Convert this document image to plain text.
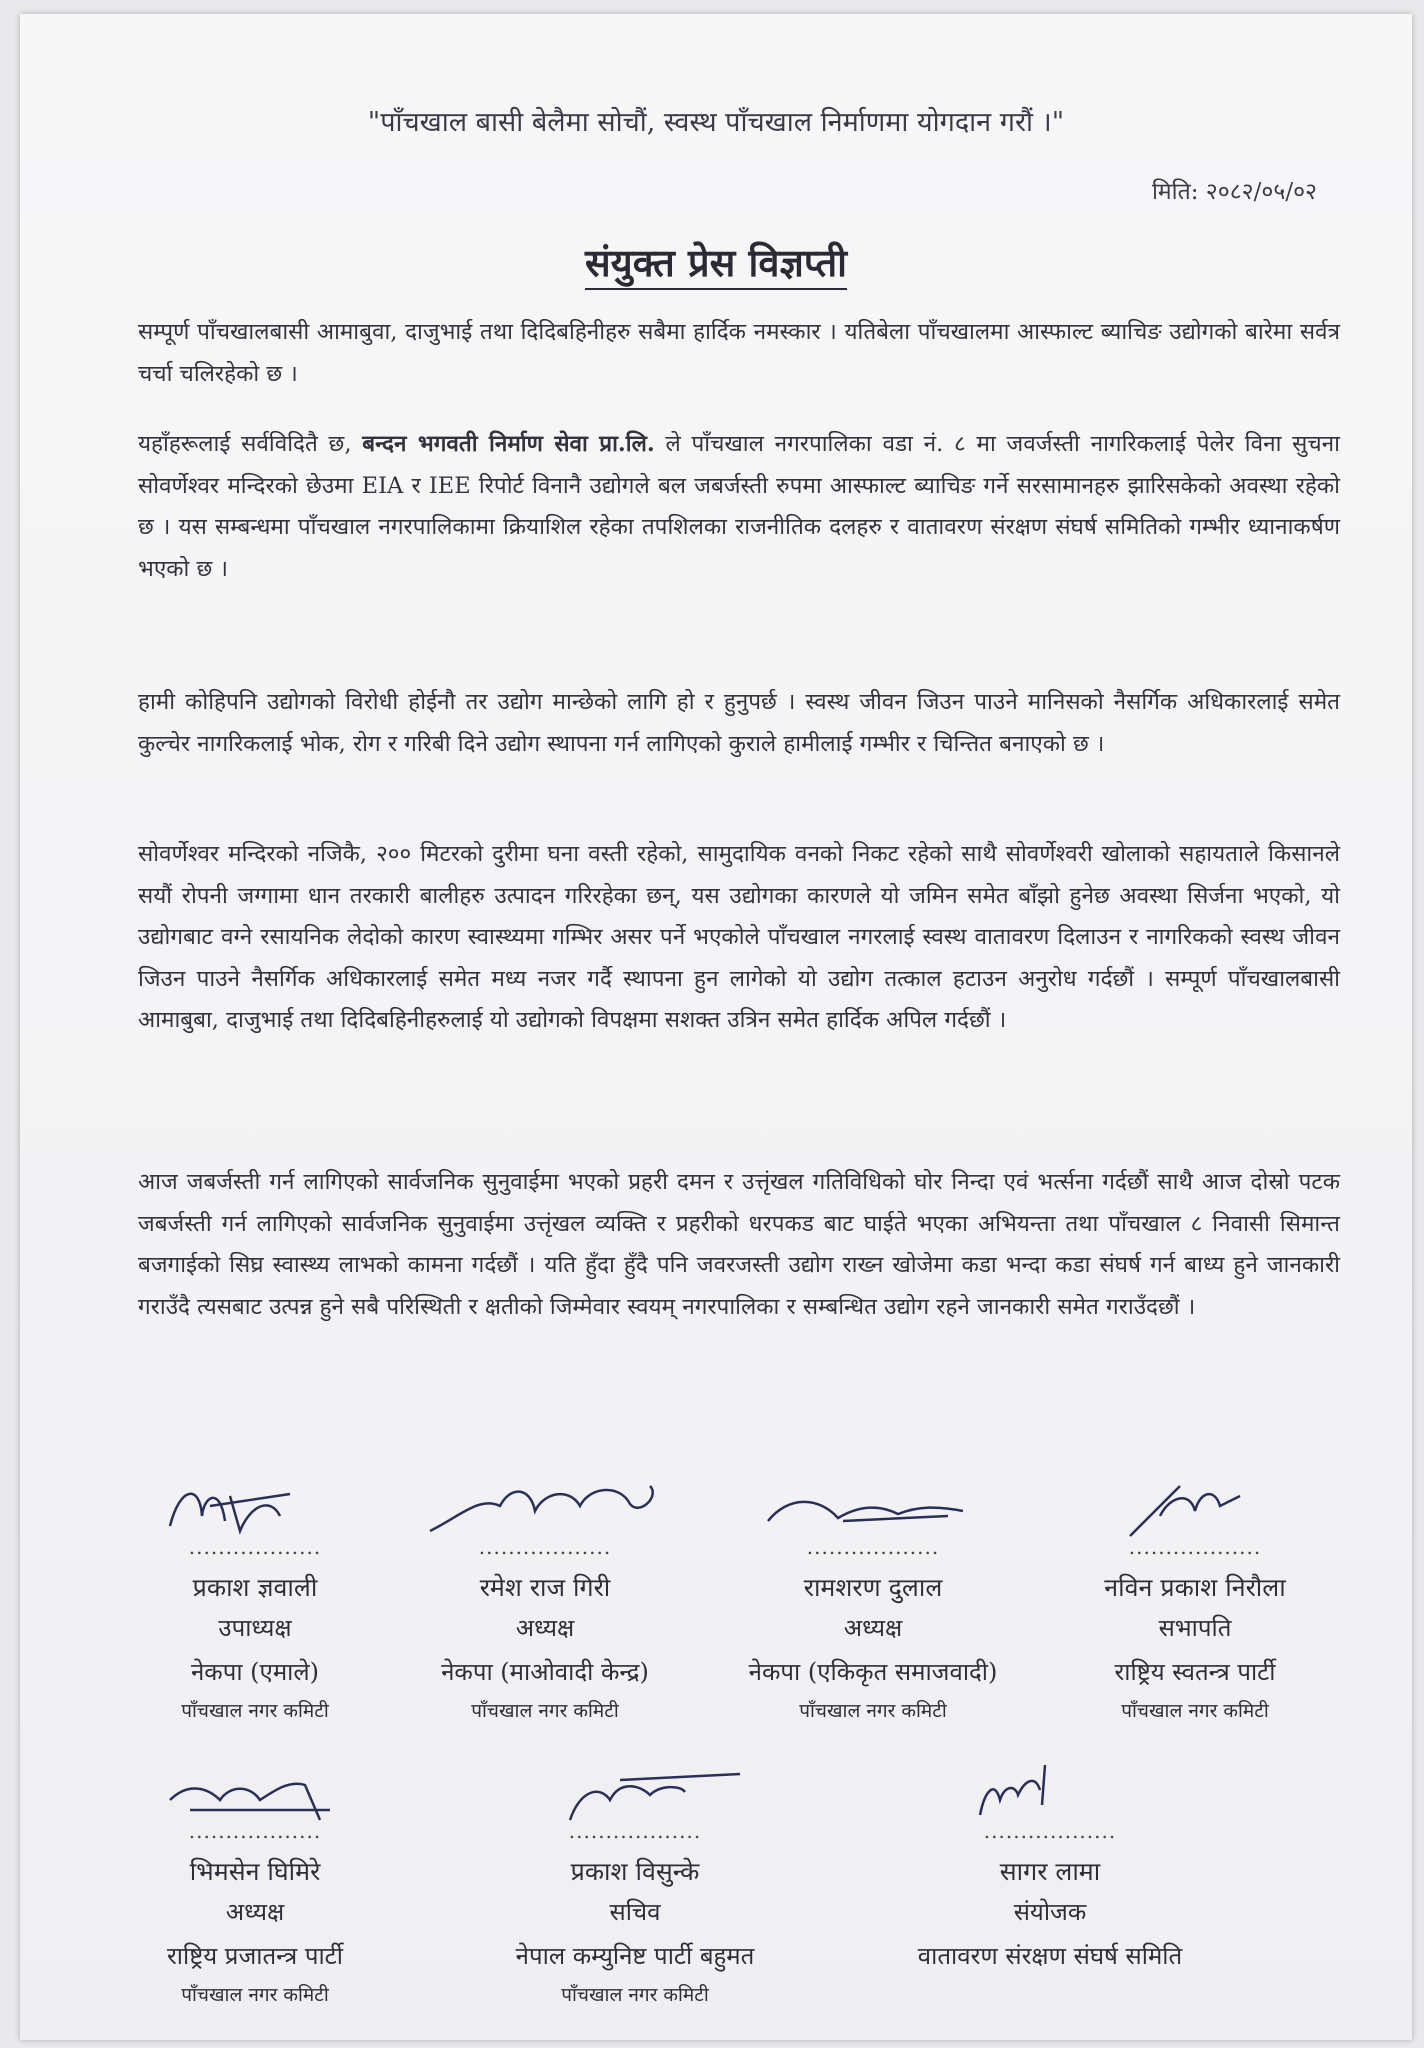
"पाँचखाल बासी बेलैमा सोचौं, स्वस्थ पाँचखाल निर्माणमा योगदान गरौं ।"
मिति: २०८२/०५/०२
संयुक्त प्रेस विज्ञप्ती

सम्पूर्ण पाँचखालबासी आमाबुवा, दाजुभाई तथा दिदिबहिनीहरु सबैमा हार्दिक नमस्कार । यतिबेला पाँचखालमा आस्फाल्ट ब्याचिङ उद्योगको बारेमा सर्वत्र चर्चा चलिरहेको छ ।

यहाँहरूलाई सर्वविदितै छ, बन्दन भगवती निर्माण सेवा प्रा.लि. ले पाँचखाल नगरपालिका वडा नं. ८ मा जवर्जस्ती नागरिकलाई पेलेर विना सुचना सोवर्णेश्वर मन्दिरको छेउमा EIA र IEE रिपोर्ट विनानै उद्योगले बल जबर्जस्ती रुपमा आस्फाल्ट ब्याचिङ गर्ने सरसामानहरु झारिसकेको अवस्था रहेको छ । यस सम्बन्धमा पाँचखाल नगरपालिकामा क्रियाशिल रहेका तपशिलका राजनीतिक दलहरु र वातावरण संरक्षण संघर्ष समितिको गम्भीर ध्यानाकर्षण भएको छ ।

हामी कोहिपनि उद्योगको विरोधी होईनौ तर उद्योग मान्छेको लागि हो र हुनुपर्छ । स्वस्थ जीवन जिउन पाउने मानिसको नैसर्गिक अधिकारलाई समेत कुल्चेर नागरिकलाई भोक, रोग र गरिबी दिने उद्योग स्थापना गर्न लागिएको कुराले हामीलाई गम्भीर र चिन्तित बनाएको छ ।

सोवर्णेश्वर मन्दिरको नजिकै, २०० मिटरको दुरीमा घना वस्ती रहेको, सामुदायिक वनको निकट रहेको साथै सोवर्णेश्वरी खोलाको सहायताले किसानले सयौं रोपनी जग्गामा धान तरकारी बालीहरु उत्पादन गरिरहेका छन्, यस उद्योगका कारणले यो जमिन समेत बाँझो हुनेछ अवस्था सिर्जना भएको, यो उद्योगबाट वग्ने रसायनिक लेदोको कारण स्वास्थ्यमा गम्भिर असर पर्ने भएकोले पाँचखाल नगरलाई स्वस्थ वातावरण दिलाउन र नागरिकको स्वस्थ जीवन जिउन पाउने नैसर्गिक अधिकारलाई समेत मध्य नजर गर्दै स्थापना हुन लागेको यो उद्योग तत्काल हटाउन अनुरोध गर्दछौं । सम्पूर्ण पाँचखालबासी आमाबुबा, दाजुभाई तथा दिदिबहिनीहरुलाई यो उद्योगको विपक्षमा सशक्त उत्रिन समेत हार्दिक अपिल गर्दछौं ।

आज जबर्जस्ती गर्न लागिएको सार्वजनिक सुनुवाईमा भएको प्रहरी दमन र उत्तृंखल गतिविधिको घोर निन्दा एवं भर्त्सना गर्दछौं साथै आज दोस्रो पटक जबर्जस्ती गर्न लागिएको सार्वजनिक सुनुवाईमा उत्तृंखल व्यक्ति र प्रहरीको धरपकड बाट घाईते भएका अभियन्ता तथा पाँचखाल ८ निवासी सिमान्त बजगाईको सिघ्र स्वास्थ्य लाभको कामना गर्दछौं । यति हुँदा हुँदै पनि जवरजस्ती उद्योग राख्न खोजेमा कडा भन्दा कडा संघर्ष गर्न बाध्य हुने जानकारी गराउँदै त्यसबाट उत्पन्न हुने सबै परिस्थिती र क्षतीको जिम्मेवार स्वयम् नगरपालिका र सम्बन्धित उद्योग रहने जानकारी समेत गराउँदछौं ।

..................
प्रकाश ज्ञवाली
उपाध्यक्ष
नेकपा (एमाले)
पाँचखाल नगर कमिटी
..................
रमेश राज गिरी
अध्यक्ष
नेकपा (माओवादी केन्द्र)
पाँचखाल नगर कमिटी
..................
रामशरण दुलाल
अध्यक्ष
नेकपा (एकिकृत समाजवादी)
पाँचखाल नगर कमिटी
..................
नविन प्रकाश निरौला
सभापति
राष्ट्रिय स्वतन्त्र पार्टी
पाँचखाल नगर कमिटी
..................
भिमसेन घिमिरे
अध्यक्ष
राष्ट्रिय प्रजातन्त्र पार्टी
पाँचखाल नगर कमिटी
..................
प्रकाश विसुन्के
सचिव
नेपाल कम्युनिष्ट पार्टी बहुमत
पाँचखाल नगर कमिटी
..................
सागर लामा
संयोजक
वातावरण संरक्षण संघर्ष समिति
